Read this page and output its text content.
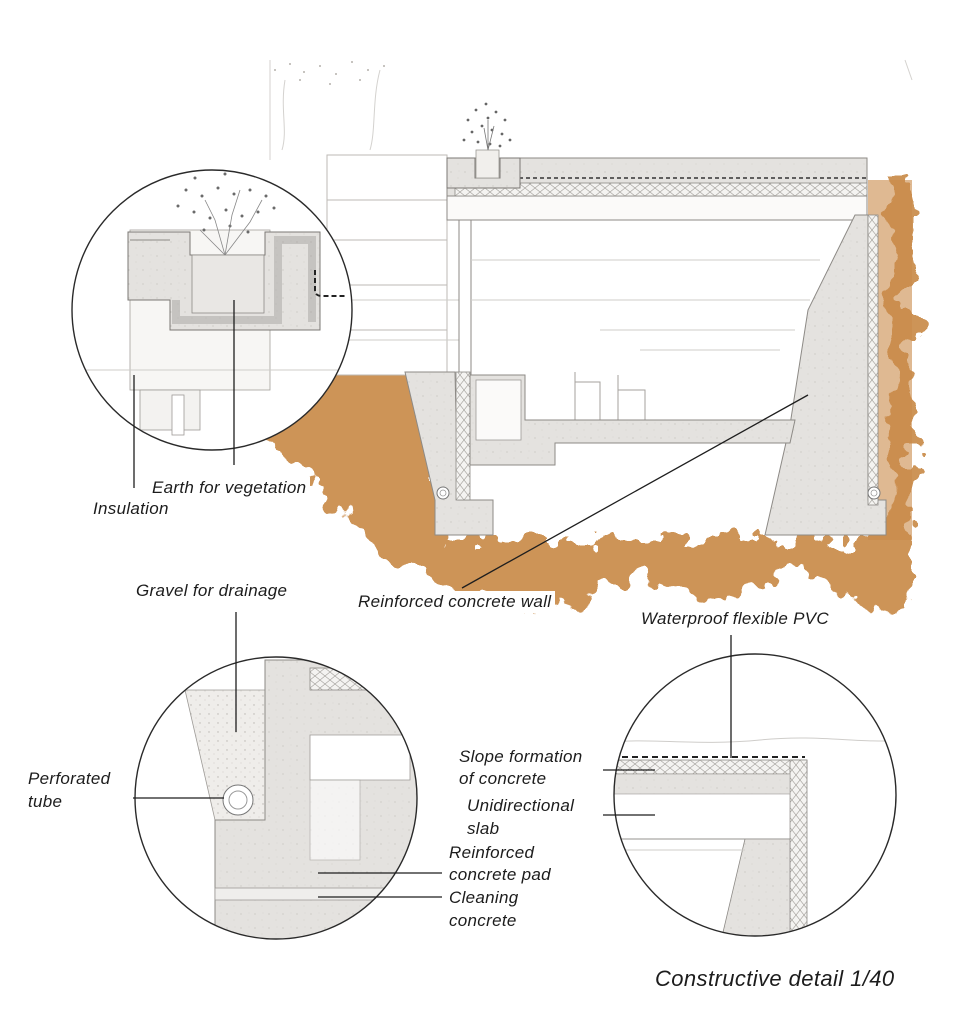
Earth for vegetation
Insulation
Gravel for drainage
Reinforced concrete wall
Waterproof flexible PVC
Slope formation
of concrete
Perforated
tube	Unidirectional
slab
Reinforced
concrete pad
Cleaning
concrete
Constructive detail 1/40
